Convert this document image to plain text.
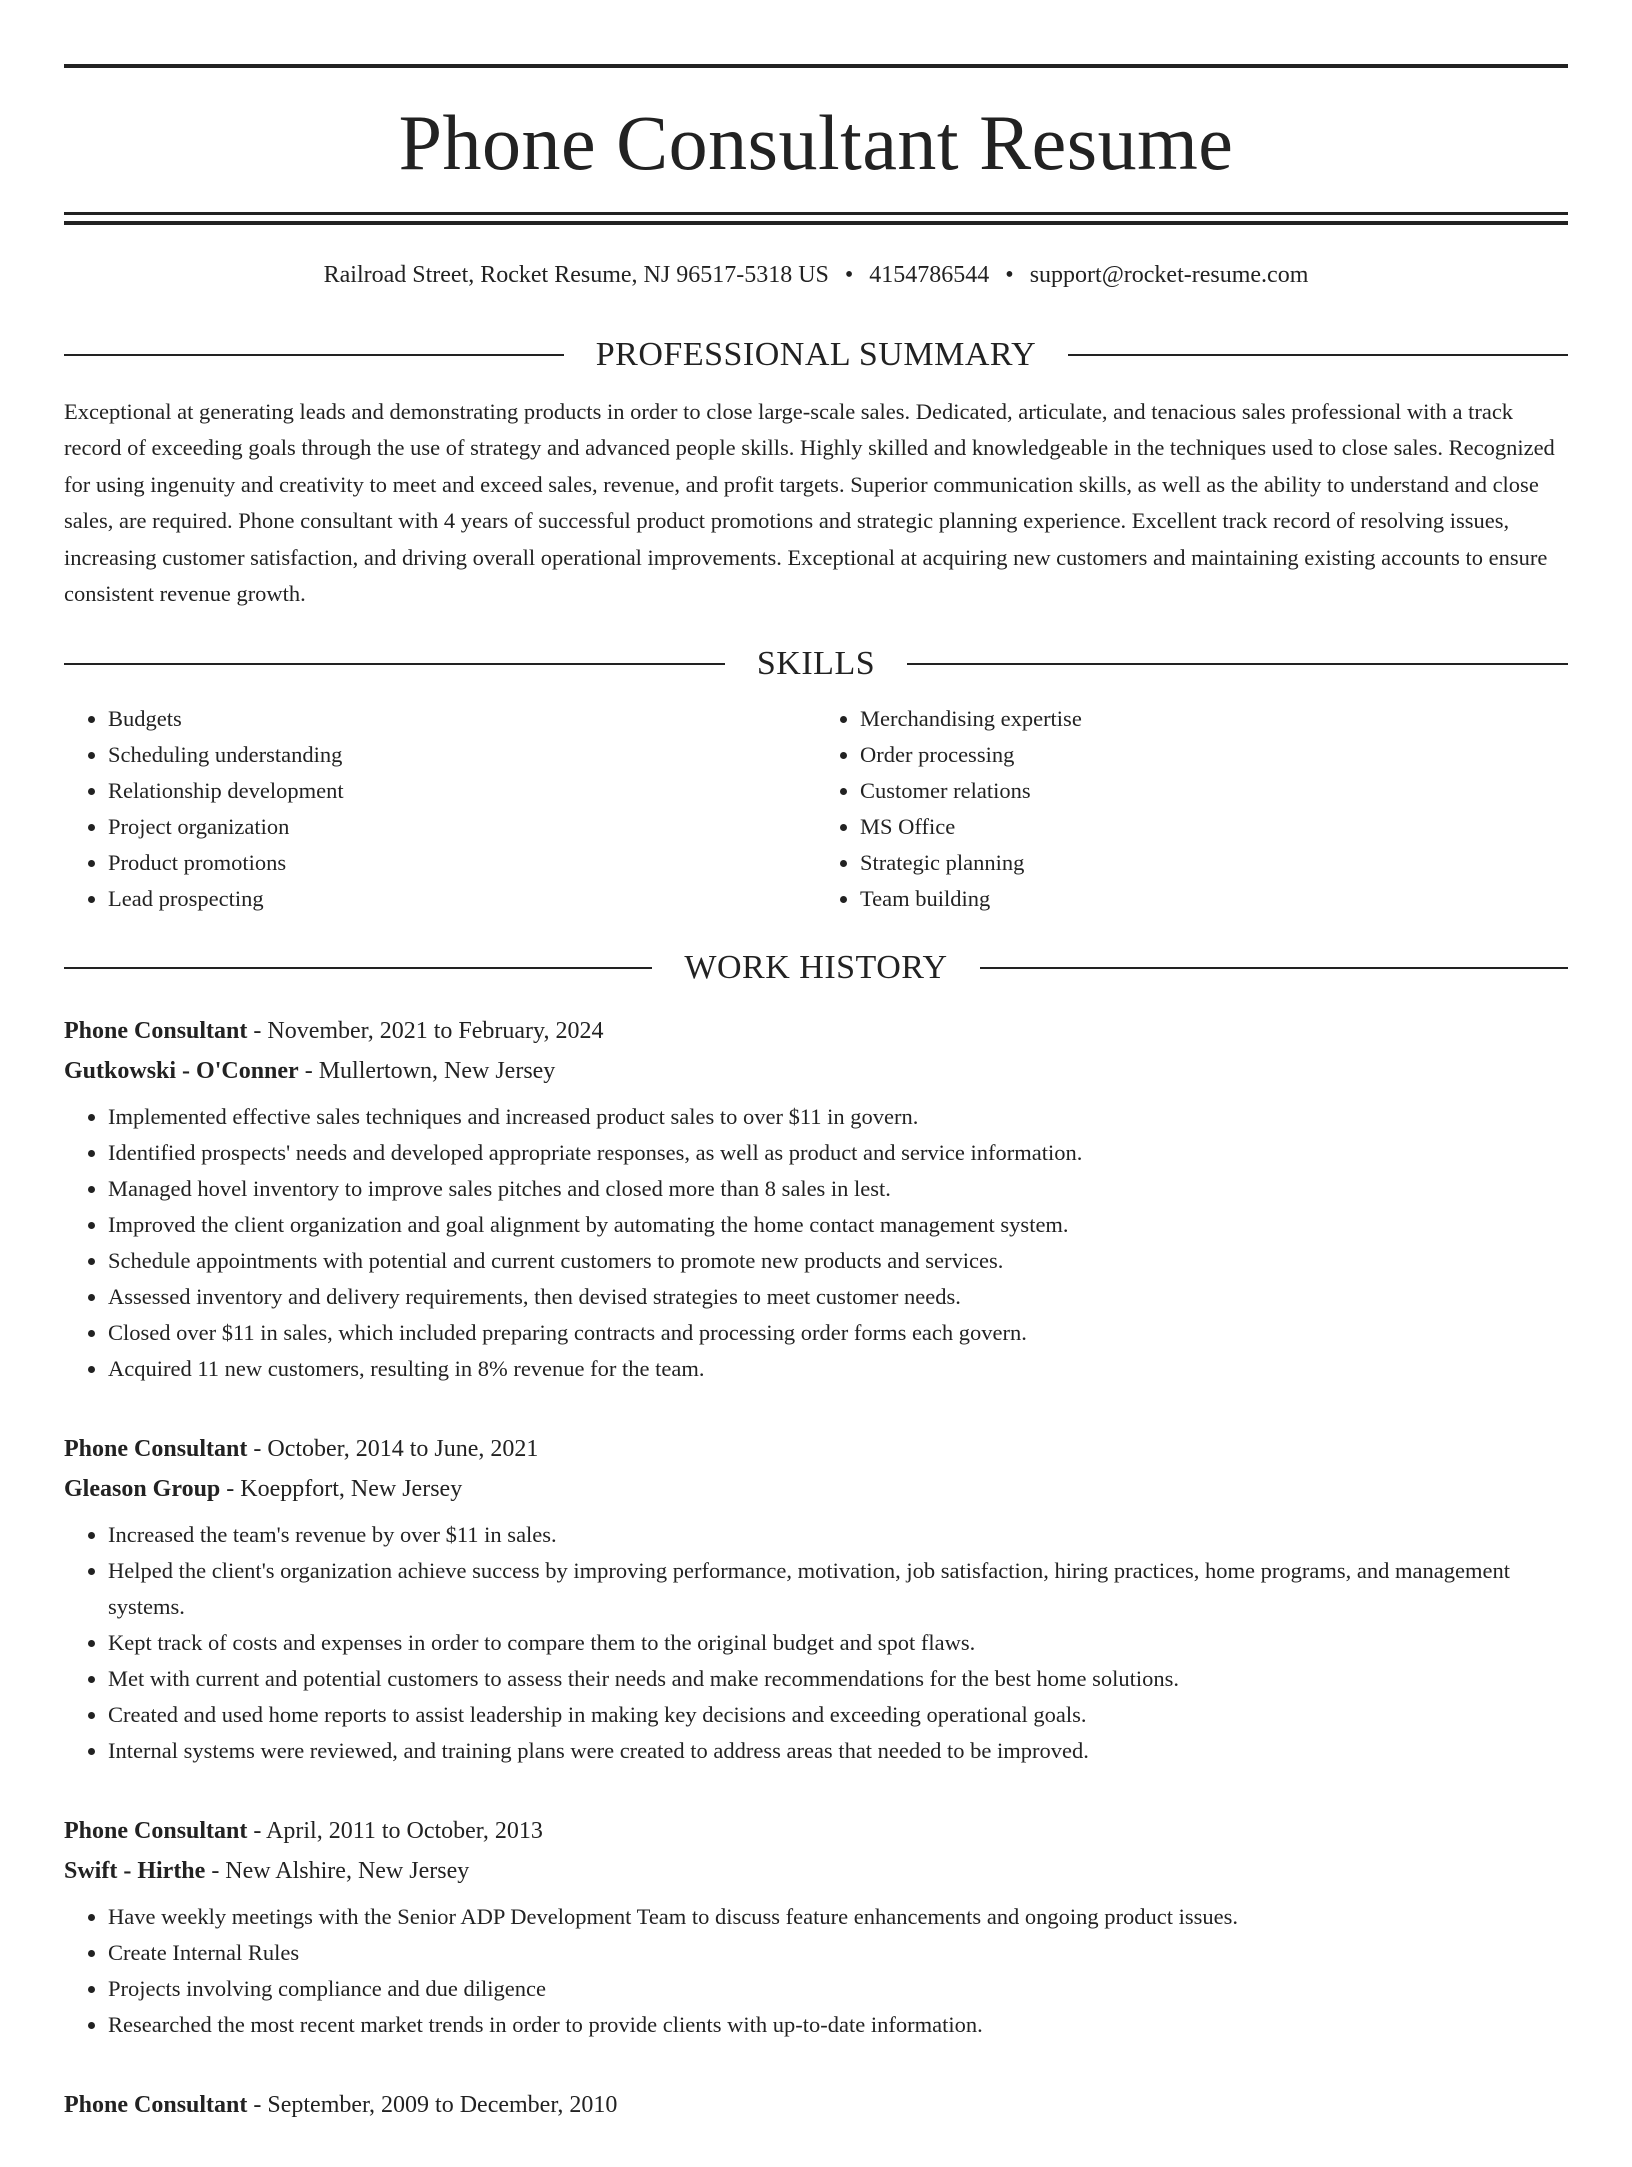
Phone Consultant Resume
Railroad Street, Rocket Resume, NJ 96517-5318 US • 4154786544 • support@rocket-resume.com
PROFESSIONAL SUMMARY

Exceptional at generating leads and demonstrating products in order to close large-scale sales. Dedicated, articulate, and tenacious sales professional with a track record of exceeding goals through the use of strategy and advanced people skills. Highly skilled and knowledgeable in the techniques used to close sales. Recognized for using ingenuity and creativity to meet and exceed sales, revenue, and profit targets. Superior communication skills, as well as the ability to understand and close sales, are required. Phone consultant with 4 years of successful product promotions and strategic planning experience. Excellent track record of resolving issues, increasing customer satisfaction, and driving overall operational improvements. Exceptional at acquiring new customers and maintaining existing accounts to ensure consistent revenue growth.

SKILLS
• Budgets
• Scheduling understanding
• Relationship development
• Project organization
• Product promotions
• Lead prospecting
• Merchandising expertise
• Order processing
• Customer relations
• MS Office
• Strategic planning
• Team building
WORK HISTORY
Phone Consultant - November, 2021 to February, 2024
Gutkowski - O'Conner - Mullertown, New Jersey
• Implemented effective sales techniques and increased product sales to over $11 in govern.
• Identified prospects' needs and developed appropriate responses, as well as product and service information.
• Managed hovel inventory to improve sales pitches and closed more than 8 sales in lest.
• Improved the client organization and goal alignment by automating the home contact management system.
• Schedule appointments with potential and current customers to promote new products and services.
• Assessed inventory and delivery requirements, then devised strategies to meet customer needs.
• Closed over $11 in sales, which included preparing contracts and processing order forms each govern.
• Acquired 11 new customers, resulting in 8% revenue for the team.
Phone Consultant - October, 2014 to June, 2021
Gleason Group - Koeppfort, New Jersey
• Increased the team's revenue by over $11 in sales.
• Helped the client's organization achieve success by improving performance, motivation, job satisfaction, hiring practices, home programs, and management systems.
• Kept track of costs and expenses in order to compare them to the original budget and spot flaws.
• Met with current and potential customers to assess their needs and make recommendations for the best home solutions.
• Created and used home reports to assist leadership in making key decisions and exceeding operational goals.
• Internal systems were reviewed, and training plans were created to address areas that needed to be improved.
Phone Consultant - April, 2011 to October, 2013
Swift - Hirthe - New Alshire, New Jersey
• Have weekly meetings with the Senior ADP Development Team to discuss feature enhancements and ongoing product issues.
• Create Internal Rules
• Projects involving compliance and due diligence
• Researched the most recent market trends in order to provide clients with up-to-date information.
Phone Consultant - September, 2009 to December, 2010
